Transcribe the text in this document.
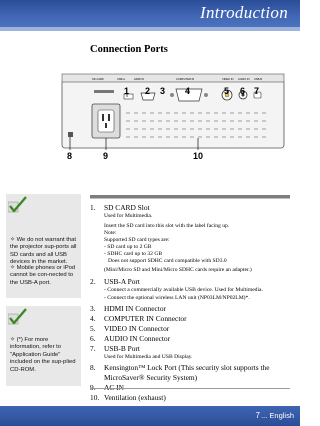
Introduction
Connection Ports
SD CARD	USB-A	HDMI IN	COMPUTER IN	VIDEO IN AUDIO IN USB-B
1 2 3 4	5 6 7
8	9	10
✧ We do not warrant that the projector sup-ports all SD cards and all USB devices in the market.
✧ Mobile phones or iPod cannot be con-nected to the USB-A port.
✧ (*) For more information, refer to "Application Guide" included on the sup-plied CD-ROM.
1. SD CARD Slot
Used for Multimedia.
Insert the SD card into this slot with the label facing up.
Note:
Supported SD card types are:
- SD card up to 2 GB
- SDHC card up to 32 GB
Does not support SDHC card compatible with SD3.0
(Mini/Micro SD and Mini/Micro SDHC cards require an adapter.)
2. USB-A Port
- Connect a commercially available USB device. Used for Multimedia.
- Connect the optional wireless LAN unit (NP03LM/NP02LM)*.
3. HDMI IN Connector
4. COMPUTER IN Connector
5. VIDEO IN Connector
6. AUDIO IN Connector
7. USB-B Port
Used for Multimedia and USB Display.
8. Kensington™ Lock Port (This security slot supports the
MicroSaver® Security System)
10. Ventilation (exhaust)
7 ... English
